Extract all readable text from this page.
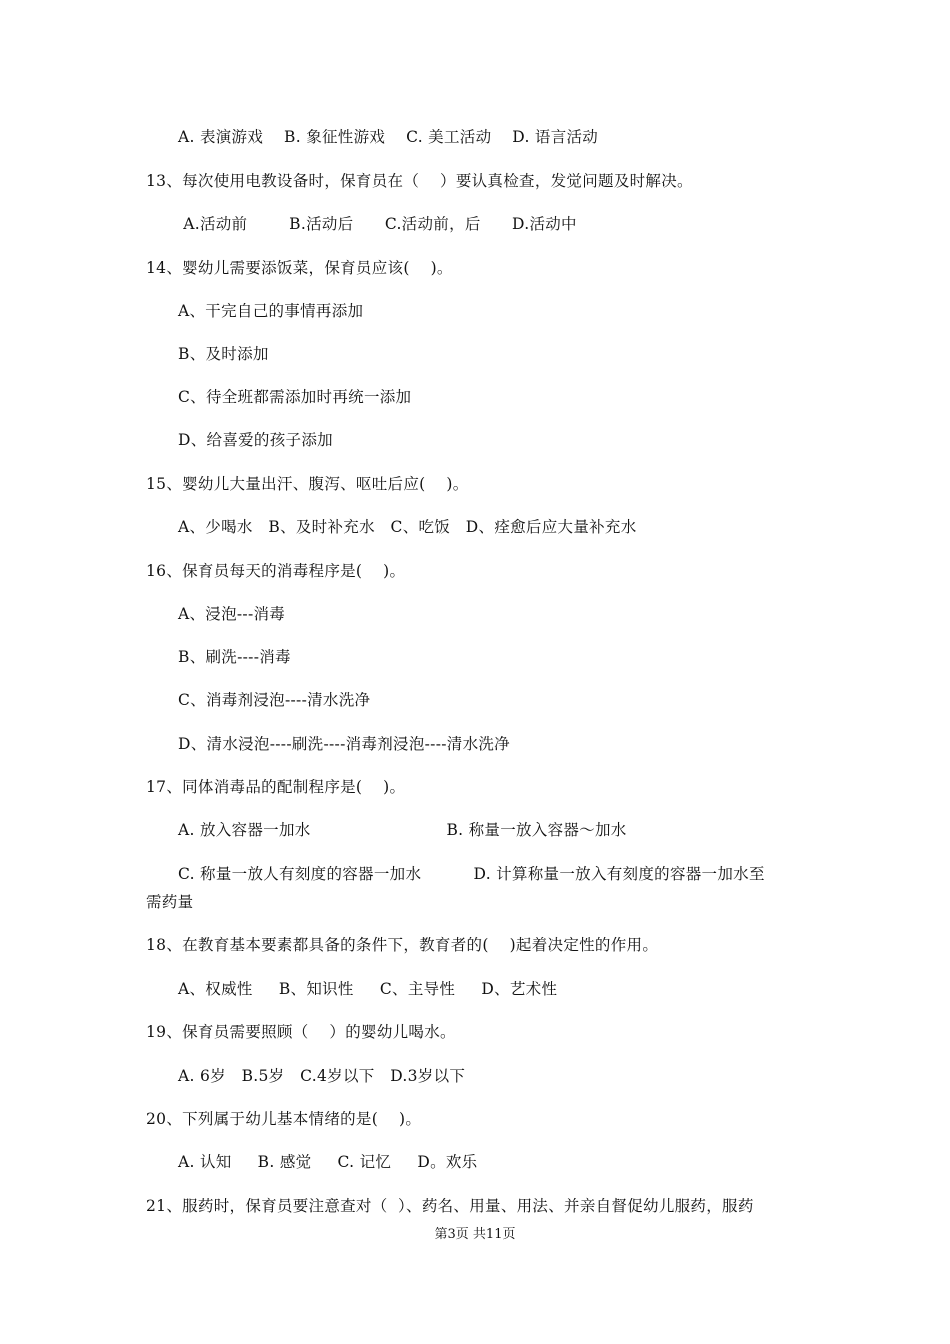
A. 表演游戏    B. 象征性游戏    C. 美工活动    D. 语言活动
13、每次使用电教设备时，保育员在（    ）要认真检查，发觉问题及时解决。
A.活动前        B.活动后      C.活动前，后      D.活动中
14、婴幼儿需要添饭菜，保育员应该(    )。
A、干完自己的事情再添加
B、及时添加
C、待全班都需添加时再统一添加
D、给喜爱的孩子添加
15、婴幼儿大量出汗、腹泻、呕吐后应(    )。
A、少喝水   B、及时补充水   C、吃饭   D、痊愈后应大量补充水
16、保育员每天的消毒程序是(    )。
A、浸泡---消毒
B、刷洗----消毒
C、消毒剂浸泡----清水洗净
D、清水浸泡----刷洗----消毒剂浸泡----清水洗净
17、同体消毒品的配制程序是(    )。
A. 放入容器一加水                          B. 称量一放入容器～加水
C. 称量一放人有刻度的容器一加水          D. 计算称量一放入有刻度的容器一加水至
需药量
18、在教育基本要素都具备的条件下，教育者的(    )起着决定性的作用。
A、权威性     B、知识性     C、主导性     D、艺术性
19、保育员需要照顾（    ）的婴幼儿喝水。
A. 6岁   B.5岁   C.4岁以下   D.3岁以下
20、下列属于幼儿基本情绪的是(    )。
A. 认知     B. 感觉     C. 记忆     D。欢乐
21、服药时，保育员要注意查对（  ）、药名、用量、用法、并亲自督促幼儿服药，服药
第3页 共11页
